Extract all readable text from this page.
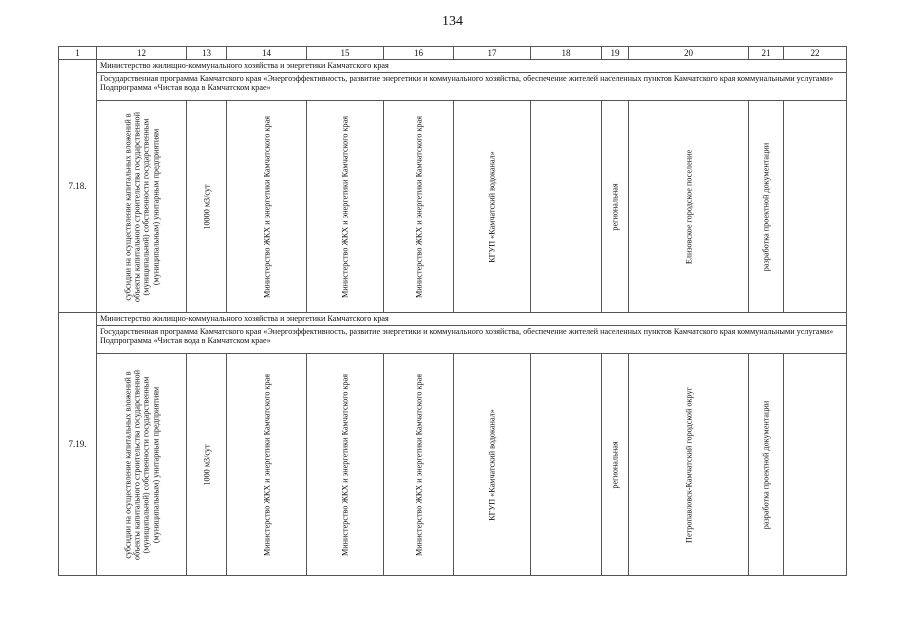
134
1	12	13	14	15	16	17	18	19	20	21	22
7.18.	Министерство жилищно-коммунального хозяйства и энергетики Камчатского края										
	Государственная программа Камчатского края «Энергоэффективность, развитие энергетики и коммунального хозяйства, обеспечение жителей населенных пунктов Камчатского края коммунальными услугами» Подпрограмма «Чистая вода в Камчатском крае»										

	субсидии на осуществление капитальных вложений в объекты капитального строительства государственной (муниципальной) собственности государственным (муниципальным) унитарным предприятиям	10000 м3/сут	Министерство ЖКХ и энергетики Камчатского края	Министерство ЖКХ и энергетики Камчатского края	Министерство ЖКХ и энергетики Камчатского края	КГУП «Камчатский водоканал»		региональная	Елизовское городское поселение	разработка проектной документации	

7.19.	Министерство жилищно-коммунального хозяйства и энергетики Камчатского края										
	Государственная программа Камчатского края «Энергоэффективность, развитие энергетики и коммунального хозяйства, обеспечение жителей населенных пунктов Камчатского края коммунальными услугами» Подпрограмма «Чистая вода в Камчатском крае»										

	субсидии на осуществление капитальных вложений в объекты капитального строительства государственной (муниципальной) собственности государственным (муниципальным) унитарным предприятиям	1000 м3/сут	Министерство ЖКХ и энергетики Камчатского края	Министерство ЖКХ и энергетики Камчатского края	Министерство ЖКХ и энергетики Камчатского края	КГУП «Камчатский водоканал»		региональная	Петропавловск-Камчатский городской округ	разработка проектной документации	
